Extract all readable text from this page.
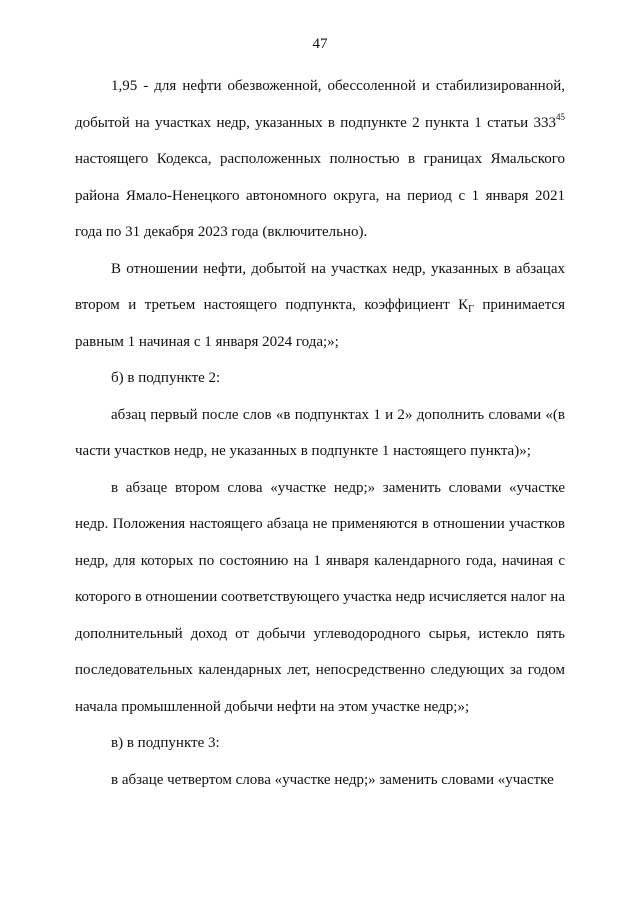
47

1,95 - для нефти обезвоженной, обессоленной и стабилизированной, добытой на участках недр, указанных в подпункте 2 пункта 1 статьи $333^{45}$ настоящего Кодекса, расположенных полностью в границах Ямальского района Ямало-Ненецкого автономного округа, на период с 1 января 2021 года по 31 декабря 2023 года (включительно).

В отношении нефти, добытой на участках недр, указанных в абзацах втором и третьем настоящего подпункта, коэффициент $К_Г$ принимается равным 1 начиная с 1 января 2024 года;»;

б) в подпункте 2:

абзац первый после слов «в подпунктах 1 и 2» дополнить словами «(в части участков недр, не указанных в подпункте 1 настоящего пункта)»;

в абзаце втором слова «участке недр;» заменить словами «участке недр. Положения настоящего абзаца не применяются в отношении участков недр, для которых по состоянию на 1 января календарного года, начиная с которого в отношении соответствующего участка недр исчисляется налог на дополнительный доход от добычи углеводородного сырья, истекло пять последовательных календарных лет, непосредственно следующих за годом начала промышленной добычи нефти на этом участке недр;»;

в) в подпункте 3:

в абзаце четвертом слова «участке недр;» заменить словами «участке
